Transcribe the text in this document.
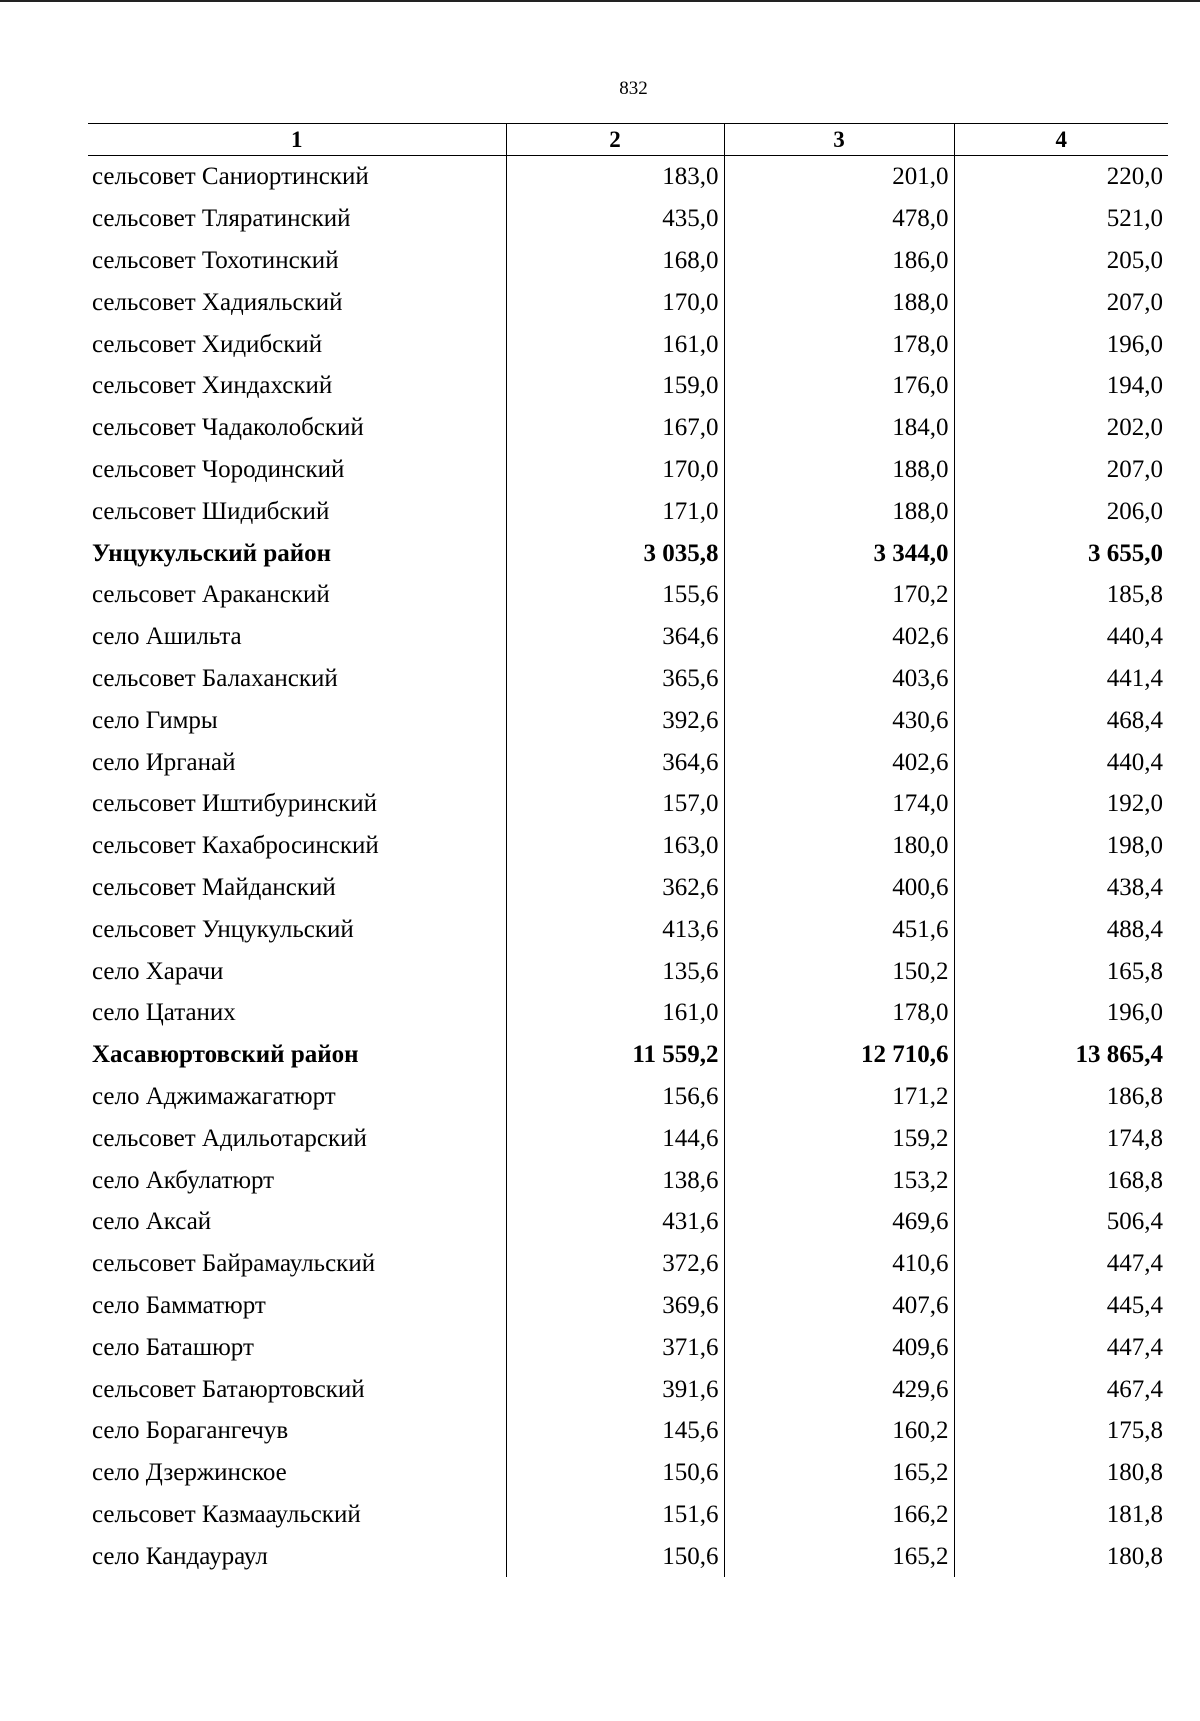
832
1	2	3	4
сельсовет Саниортинский	183,0	201,0	220,0
сельсовет Тляратинский	435,0	478,0	521,0
сельсовет Тохотинский	168,0	186,0	205,0
сельсовет Хадияльский	170,0	188,0	207,0
сельсовет Хидибский	161,0	178,0	196,0
сельсовет Хиндахский	159,0	176,0	194,0
сельсовет Чадаколобский	167,0	184,0	202,0
сельсовет Чородинский	170,0	188,0	207,0
сельсовет Шидибский	171,0	188,0	206,0
Унцукульский район	3 035,8	3 344,0	3 655,0
сельсовет Араканский	155,6	170,2	185,8
село Ашильта	364,6	402,6	440,4
сельсовет Балаханский	365,6	403,6	441,4
село Гимры	392,6	430,6	468,4
село Ирганай	364,6	402,6	440,4
сельсовет Иштибуринский	157,0	174,0	192,0
сельсовет Кахабросинский	163,0	180,0	198,0
сельсовет Майданский	362,6	400,6	438,4
сельсовет Унцукульский	413,6	451,6	488,4
село Харачи	135,6	150,2	165,8
село Цатаних	161,0	178,0	196,0
Хасавюртовский район	11 559,2	12 710,6	13 865,4
село Аджимажагатюрт	156,6	171,2	186,8
сельсовет Адильотарский	144,6	159,2	174,8
село Акбулатюрт	138,6	153,2	168,8
село Аксай	431,6	469,6	506,4
сельсовет Байрамаульский	372,6	410,6	447,4
село Бамматюрт	369,6	407,6	445,4
село Баташюрт	371,6	409,6	447,4
сельсовет Батаюртовский	391,6	429,6	467,4
село Борагангечув	145,6	160,2	175,8
село Дзержинское	150,6	165,2	180,8
сельсовет Казмааульский	151,6	166,2	181,8
село Кандаураул	150,6	165,2	180,8
